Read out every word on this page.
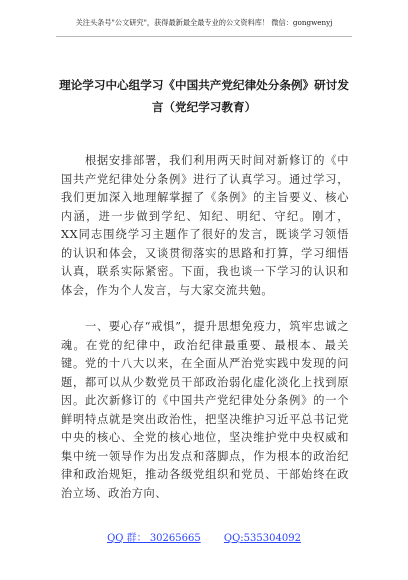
关注头条号"公文研究"，获得最新最全最专业的公文资料库！ 微信：gongwenyj
理论学习中心组学习《中国共产党纪律处分条例》研讨发言（党纪学习教育）

根据安排部署，我们利用两天时间对新修订的《中国共产党纪律处分条例》进行了认真学习。通过学习，我们更加深入地理解掌握了《条例》的主旨要义、核心内涵，进一步做到学纪、知纪、明纪、守纪。刚才，XX同志围绕学习主题作了很好的发言，既谈学习领悟的认识和体会，又谈贯彻落实的思路和打算，学习细悟认真，联系实际紧密。下面，我也谈一下学习的认识和体会，作为个人发言，与大家交流共勉。

一、要心存“戒惧”，提升思想免疫力，筑牢忠诚之魂。在党的纪律中，政治纪律最重要、最根本、最关键。党的十八大以来，在全面从严治党实践中发现的问题，都可以从少数党员干部政治弱化虚化淡化上找到原因。此次新修订的《中国共产党纪律处分条例》的一个鲜明特点就是突出政治性，把坚决维护习近平总书记党中央的核心、全党的核心地位，坚决维护党中央权威和集中统一领导作为出发点和落脚点，作为根本的政治纪律和政治规矩，推动各级党组织和党员、干部始终在政治立场、政治方向、

QQ 群： 30265665 QQ:535304092
